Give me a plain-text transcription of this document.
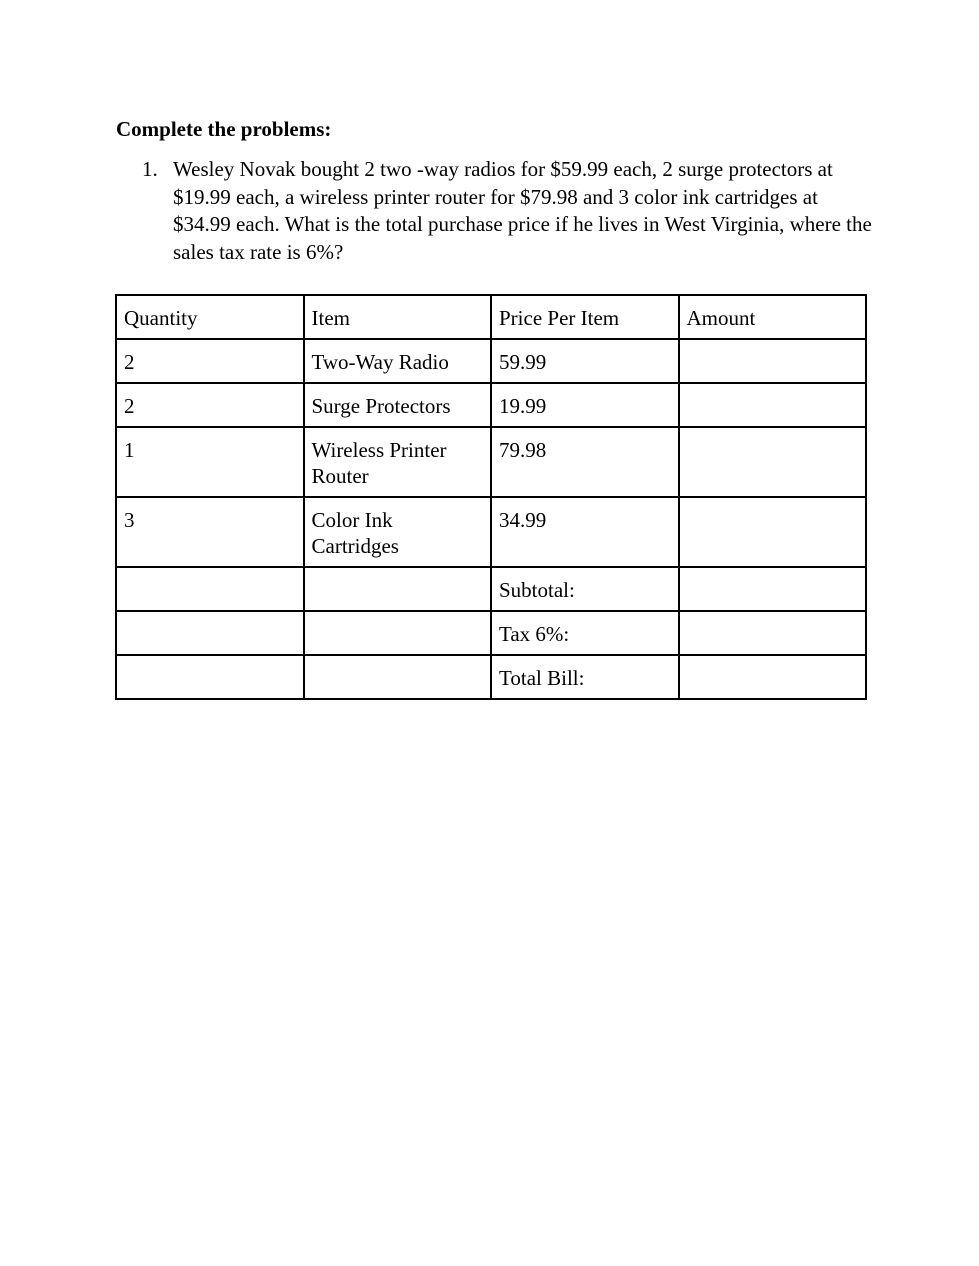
Complete the problems:

1. Wesley Novak bought 2 two -way radios for $59.99 each, 2 surge protectors at $19.99 each, a wireless printer router for $79.98 and 3 color ink cartridges at $34.99 each. What is the total purchase price if he lives in West Virginia, where the sales tax rate is 6%?
Quantity	Item	Price Per Item	Amount
2	Two-Way Radio	59.99	
2	Surge Protectors	19.99	
1	Wireless Printer Router	79.98	
3	Color Ink Cartridges	34.99	
		Subtotal:	
		Tax 6%:	
		Total Bill:	
